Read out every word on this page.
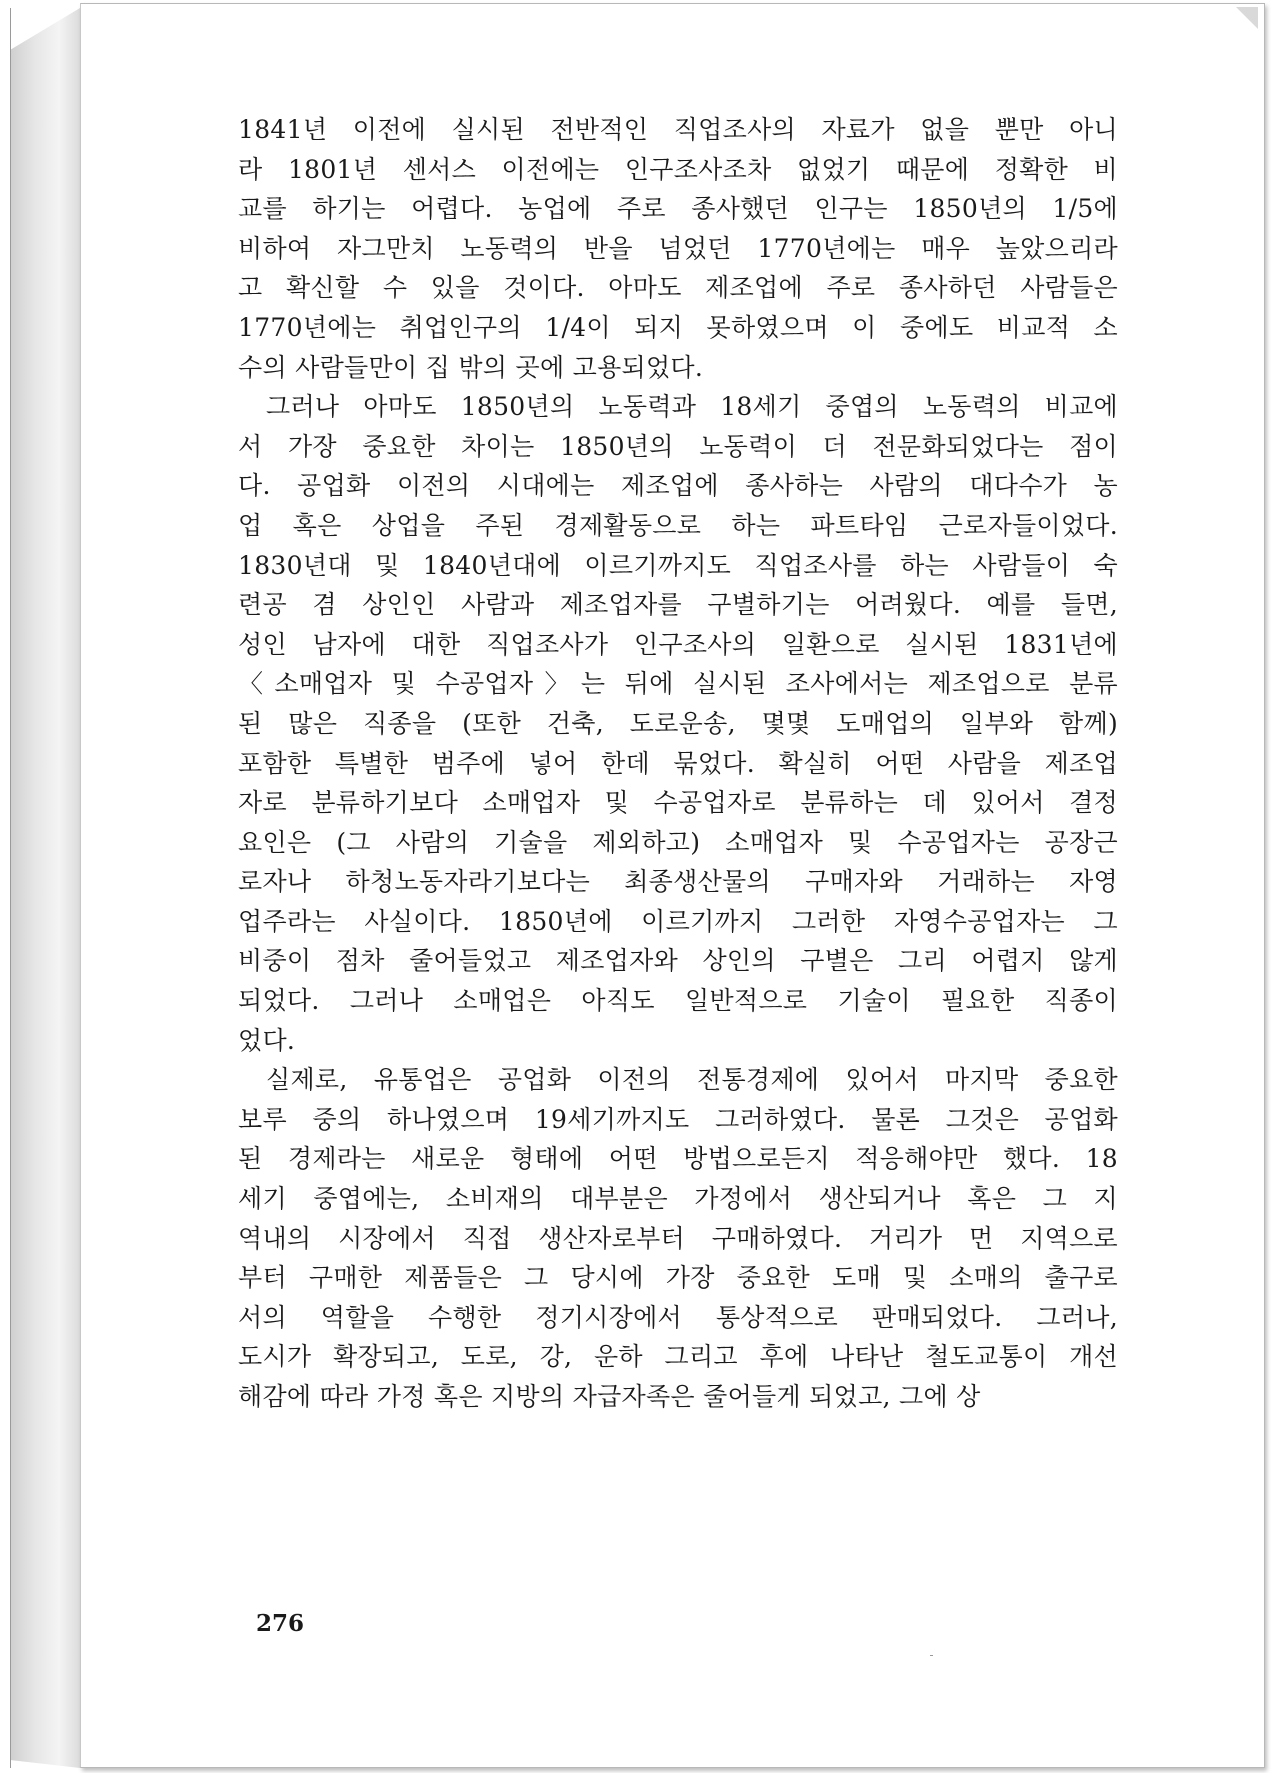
1841년 이전에 실시된 전반적인 직업조사의 자료가 없을 뿐만 아니
라 1801년 센서스 이전에는 인구조사조차 없었기 때문에 정확한 비
교를 하기는 어렵다. 농업에 주로 종사했던 인구는 1850년의 1/5에
비하여 자그만치 노동력의 반을 넘었던 1770년에는 매우 높았으리라
고 확신할 수 있을 것이다. 아마도 제조업에 주로 종사하던 사람들은
1770년에는 취업인구의 1/4이 되지 못하였으며 이 중에도 비교적 소
수의 사람들만이 집 밖의 곳에 고용되었다.
그러나 아마도 1850년의 노동력과 18세기 중엽의 노동력의 비교에
서 가장 중요한 차이는 1850년의 노동력이 더 전문화되었다는 점이
다. 공업화 이전의 시대에는 제조업에 종사하는 사람의 대다수가 농
업 혹은 상업을 주된 경제활동으로 하는 파트타임 근로자들이었다.
1830년대 및 1840년대에 이르기까지도 직업조사를 하는 사람들이 숙
련공 겸 상인인 사람과 제조업자를 구별하기는 어려웠다. 예를 들면,
성인 남자에 대한 직업조사가 인구조사의 일환으로 실시된 1831년에
〈소매업자 및 수공업자〉는 뒤에 실시된 조사에서는 제조업으로 분류
된 많은 직종을 (또한 건축, 도로운송, 몇몇 도매업의 일부와 함께)
포함한 특별한 범주에 넣어 한데 묶었다. 확실히 어떤 사람을 제조업
자로 분류하기보다 소매업자 및 수공업자로 분류하는 데 있어서 결정
요인은 (그 사람의 기술을 제외하고) 소매업자 및 수공업자는 공장근
로자나 하청노동자라기보다는 최종생산물의 구매자와 거래하는 자영
업주라는 사실이다. 1850년에 이르기까지 그러한 자영수공업자는 그
비중이 점차 줄어들었고 제조업자와 상인의 구별은 그리 어렵지 않게
되었다. 그러나 소매업은 아직도 일반적으로 기술이 필요한 직종이
었다.
실제로, 유통업은 공업화 이전의 전통경제에 있어서 마지막 중요한
보루 중의 하나였으며 19세기까지도 그러하였다. 물론 그것은 공업화
된 경제라는 새로운 형태에 어떤 방법으로든지 적응해야만 했다. 18
세기 중엽에는, 소비재의 대부분은 가정에서 생산되거나 혹은 그 지
역내의 시장에서 직접 생산자로부터 구매하였다. 거리가 먼 지역으로
부터 구매한 제품들은 그 당시에 가장 중요한 도매 및 소매의 출구로
서의 역할을 수행한 정기시장에서 통상적으로 판매되었다. 그러나,
도시가 확장되고, 도로, 강, 운하 그리고 후에 나타난 철도교통이 개선
해감에 따라 가정 혹은 지방의 자급자족은 줄어들게 되었고, 그에 상
276
